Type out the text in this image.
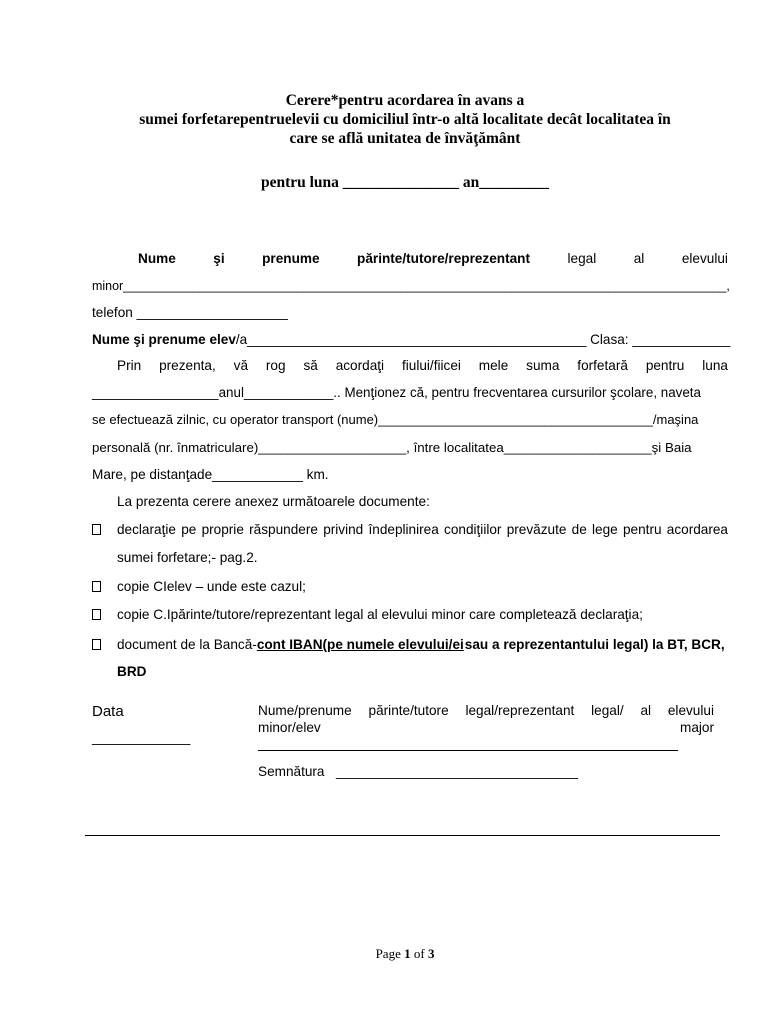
Cerere*pentru acordarea în avans a
sumei forfetarepentruelevii cu domiciliul într-o altă localitate decât localitatea în
care se află unitatea de învăţământ
pentru luna _______________ an_________
Nume	şi	prenume	părinte/tutore/reprezentant	legal	al	elevului
minor_______________________________________________________________________________________,
telefon ____________________
Nume şi prenume elev/a_____________________________________________ Clasa: _____________
Prin prezenta, vă rog să acordaţi fiului/fiicei mele suma forfetară pentru luna
_________________anul____________.. Menţionez că, pentru frecventarea cursurilor şcolare, naveta
se efectuează zilnic, cu operator transport (nume)______________________________________/maşina
personală (nr. înmatriculare)____________________, între localitatea____________________şi Baia
Mare, pe distanţade____________ km.
La prezenta cerere anexez următoarele documente:
declaraţie pe proprie răspundere privind îndeplinirea condiţiilor prevăzute de lege pentru acordarea
sumei forfetare;- pag.2.
copie CIelev – unde este cazul;
copie C.Ipărinte/tutore/reprezentant legal al elevului minor care completează declaraţia;
document de la Bancă-cont IBAN(pe numele elevului/eisau a reprezentantului legal) la BT, BCR,
BRD
Data
_____________
Nume/prenume părinte/tutore legal/reprezentant legal/ al elevului
minor/elev	major
Semnătura ________________________________
Page 1 of 3
